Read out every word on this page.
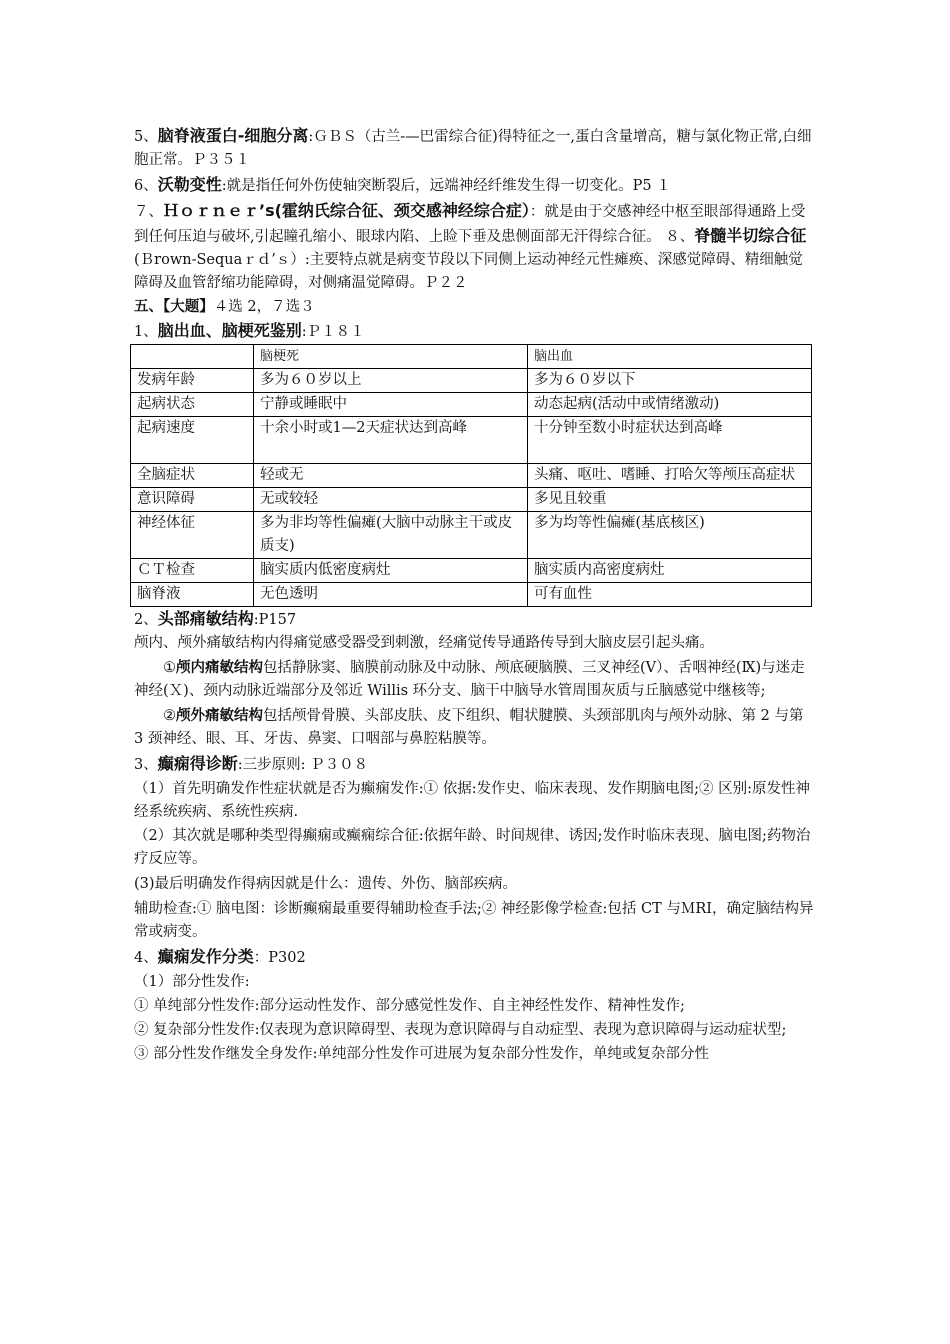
5、脑脊液蛋白-细胞分离:ＧＢＳ（古兰-—巴雷综合征)得特征之一,蛋白含量增高，糖与氯化物正常,白细胞正常。Ｐ３５１

6、沃勒变性:就是指任何外伤使轴突断裂后，远端神经纤维发生得一切变化。P5 １

７、Ｈｏｒｎｅｒ’s(霍纳氏综合征、颈交感神经综合症）：就是由于交感神经中枢至眼部得通路上受到任何压迫与破坏,引起瞳孔缩小、眼球内陷、上睑下垂及患侧面部无汗得综合征。 ８、脊髓半切综合征(Ｂrown-Sequaｒｄ’ｓ）:主要特点就是病变节段以下同侧上运动神经元性瘫痪、深感觉障碍、精细触觉障碍及血管舒缩功能障碍，对侧痛温觉障碍。Ｐ２２

五、【大题】４选 2，７选３

1、脑出血、脑梗死鉴别:Ｐ１８１

	脑梗死	脑出血
发病年龄	多为６０岁以上	多为６０岁以下
起病状态	宁静或睡眠中	动态起病(活动中或情绪激动)
起病速度	十余小时或1—2天症状达到高峰	十分钟至数小时症状达到高峰
全脑症状	轻或无	头痛、呕吐、嗜睡、打哈欠等颅压高症状
意识障碍	无或较轻	多见且较重
神经体征	多为非均等性偏瘫(大脑中动脉主干或皮质支)	多为均等性偏瘫(基底核区)
ＣＴ检查	脑实质内低密度病灶	脑实质内高密度病灶
脑脊液	无色透明	可有血性

2、头部痛敏结构:P157

颅内、颅外痛敏结构内得痛觉感受器受到刺激，经痛觉传导通路传导到大脑皮层引起头痛。

①颅内痛敏结构包括静脉窦、脑膜前动脉及中动脉、颅底硬脑膜、三叉神经(Ⅴ）、舌咽神经(Ⅸ)与迷走神经(Ｘ)、颈内动脉近端部分及邻近 Willis 环分支、脑干中脑导水管周围灰质与丘脑感觉中继核等;

②颅外痛敏结构包括颅骨骨膜、头部皮肤、皮下组织、帽状腱膜、头颈部肌肉与颅外动脉、第 2 与第 3 颈神经、眼、耳、牙齿、鼻窦、口咽部与鼻腔粘膜等。

3、癫痫得诊断:三步原则: Ｐ３０８

（1）首先明确发作性症状就是否为癫痫发作:① 依据:发作史、临床表现、发作期脑电图;② 区别:原发性神经系统疾病、系统性疾病.

（2）其次就是哪种类型得癫痫或癫痫综合征:依据年龄、时间规律、诱因;发作时临床表现、脑电图;药物治疗反应等。

(3)最后明确发作得病因就是什么：遗传、外伤、脑部疾病。

辅助检查:① 脑电图：诊断癫痫最重要得辅助检查手法;② 神经影像学检查:包括 CT 与ＭRI，确定脑结构异常或病变。

4、癫痫发作分类：P302

（1）部分性发作:

① 单纯部分性发作:部分运动性发作、部分感觉性发作、自主神经性发作、精神性发作;

② 复杂部分性发作:仅表现为意识障碍型、表现为意识障碍与自动症型、表现为意识障碍与运动症状型;

③ 部分性发作继发全身发作:单纯部分性发作可进展为复杂部分性发作，单纯或复杂部分性
